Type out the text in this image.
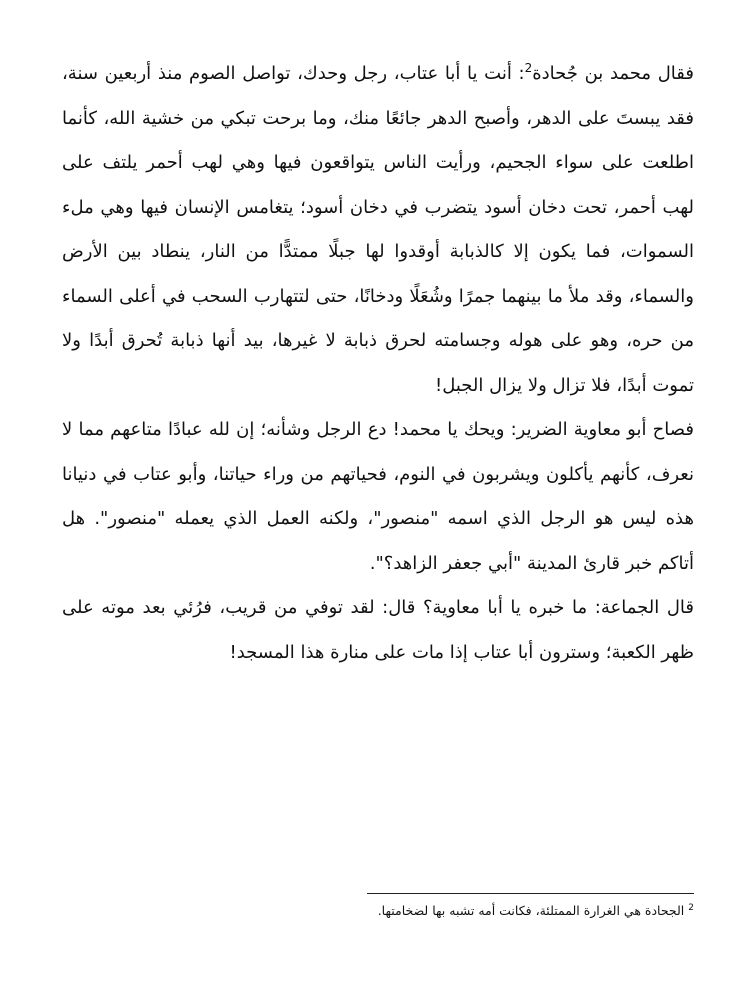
فقال محمد بن جُحادة$^2$: أنت يا أبا عتاب، رجل وحدك، تواصل الصوم منذ أربعين سنة، فقد يبستَ على الدهر، وأصبح الدهر جائعًا منك، وما برحت تبكي من خشية الله، كأنما اطلعت على سواء الجحيم، ورأيت الناس يتواقعون فيها وهي لهب أحمر يلتف على لهب أحمر، تحت دخان أسود يتضرب في دخان أسود؛ يتغامس الإنسان فيها وهي ملء السموات، فما يكون إلا كالذبابة أوقدوا لها جبلًا ممتدًّا من النار، ينطاد بين الأرض والسماء، وقد ملأ ما بينهما جمرًا وشُعَلًا ودخانًا، حتى لتتهارب السحب في أعلى السماء من حره، وهو على هوله وجسامته لحرق ذبابة لا غيرها، بيد أنها ذبابة تُحرق أبدًا ولا تموت أبدًا، فلا تزال ولا يزال الجبل!

فصاح أبو معاوية الضرير: ويحك يا محمد! دع الرجل وشأنه؛ إن لله عبادًا متاعهم مما لا نعرف، كأنهم يأكلون ويشربون في النوم، فحياتهم من وراء حياتنا، وأبو عتاب في دنيانا هذه ليس هو الرجل الذي اسمه "منصور"، ولكنه العمل الذي يعمله "منصور". هل أتاكم خبر قارئ المدينة "أبي جعفر الزاهد؟".

قال الجماعة: ما خبره يا أبا معاوية؟ قال: لقد توفي من قريب، فرُئي بعد موته على ظهر الكعبة؛ وسترون أبا عتاب إذا مات على منارة هذا المسجد!

$^2$الجحادة هي الغرارة الممتلئة، فكانت أمه تشبه بها لضخامتها.
